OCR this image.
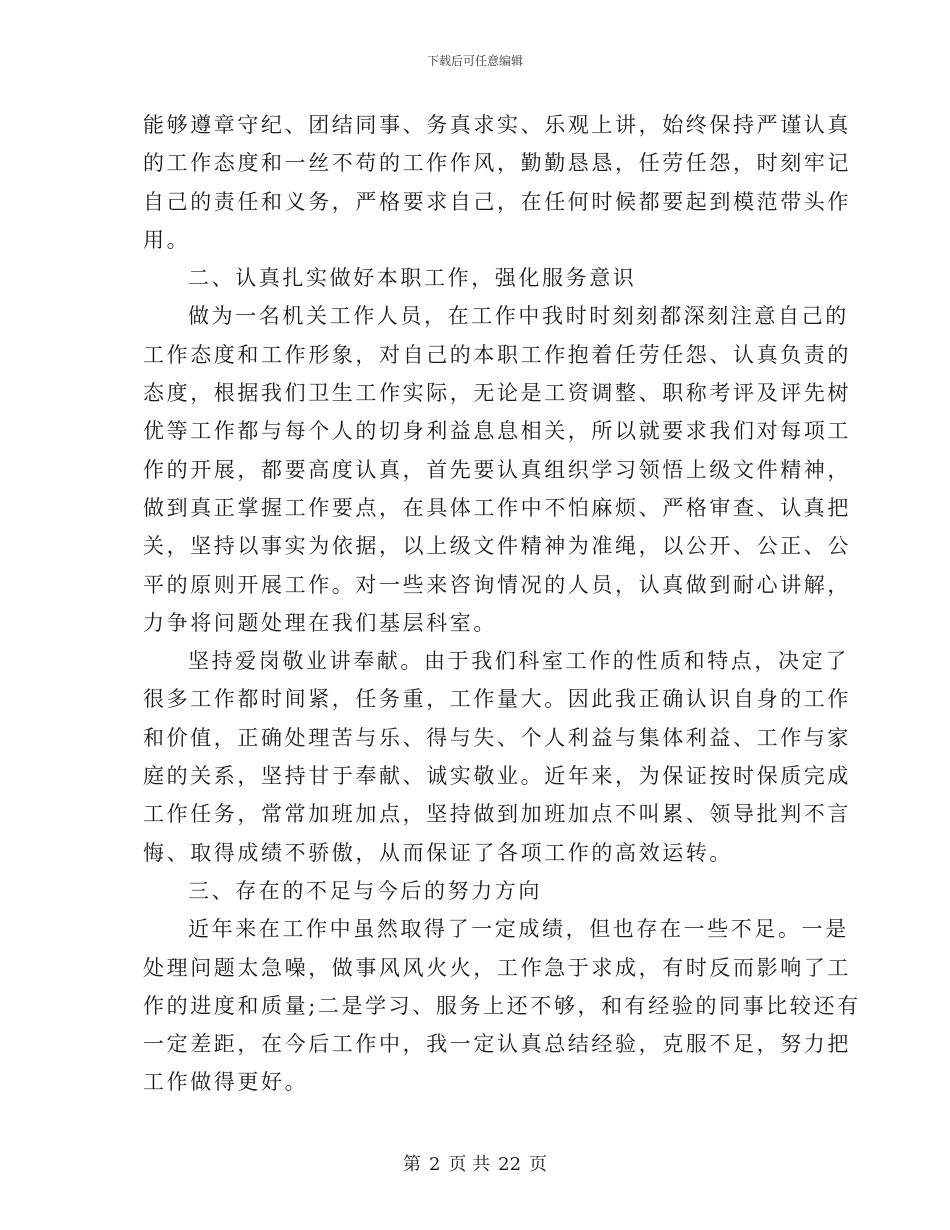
下载后可任意编辑
能够遵章守纪、团结同事、务真求实、乐观上讲，始终保持严谨认真
的工作态度和一丝不苟的工作作风，勤勤恳恳，任劳任怨，时刻牢记
自己的责任和义务，严格要求自己，在任何时候都要起到模范带头作
用。
二、认真扎实做好本职工作，强化服务意识
做为一名机关工作人员，在工作中我时时刻刻都深刻注意自己的
工作态度和工作形象，对自己的本职工作抱着任劳任怨、认真负责的
态度，根据我们卫生工作实际，无论是工资调整、职称考评及评先树
优等工作都与每个人的切身利益息息相关，所以就要求我们对每项工
作的开展，都要高度认真，首先要认真组织学习领悟上级文件精神，
做到真正掌握工作要点，在具体工作中不怕麻烦、严格审查、认真把
关，坚持以事实为依据，以上级文件精神为准绳，以公开、公正、公
平的原则开展工作。对一些来咨询情况的人员，认真做到耐心讲解，
力争将问题处理在我们基层科室。
坚持爱岗敬业讲奉献。由于我们科室工作的性质和特点，决定了
很多工作都时间紧，任务重，工作量大。因此我正确认识自身的工作
和价值，正确处理苦与乐、得与失、个人利益与集体利益、工作与家
庭的关系，坚持甘于奉献、诚实敬业。近年来，为保证按时保质完成
工作任务，常常加班加点，坚持做到加班加点不叫累、领导批判不言
悔、取得成绩不骄傲，从而保证了各项工作的高效运转。
三、存在的不足与今后的努力方向
近年来在工作中虽然取得了一定成绩，但也存在一些不足。一是
处理问题太急噪，做事风风火火，工作急于求成，有时反而影响了工
作的进度和质量;二是学习、服务上还不够，和有经验的同事比较还有
一定差距，在今后工作中，我一定认真总结经验，克服不足，努力把
工作做得更好。
第 2 页 共 22 页
